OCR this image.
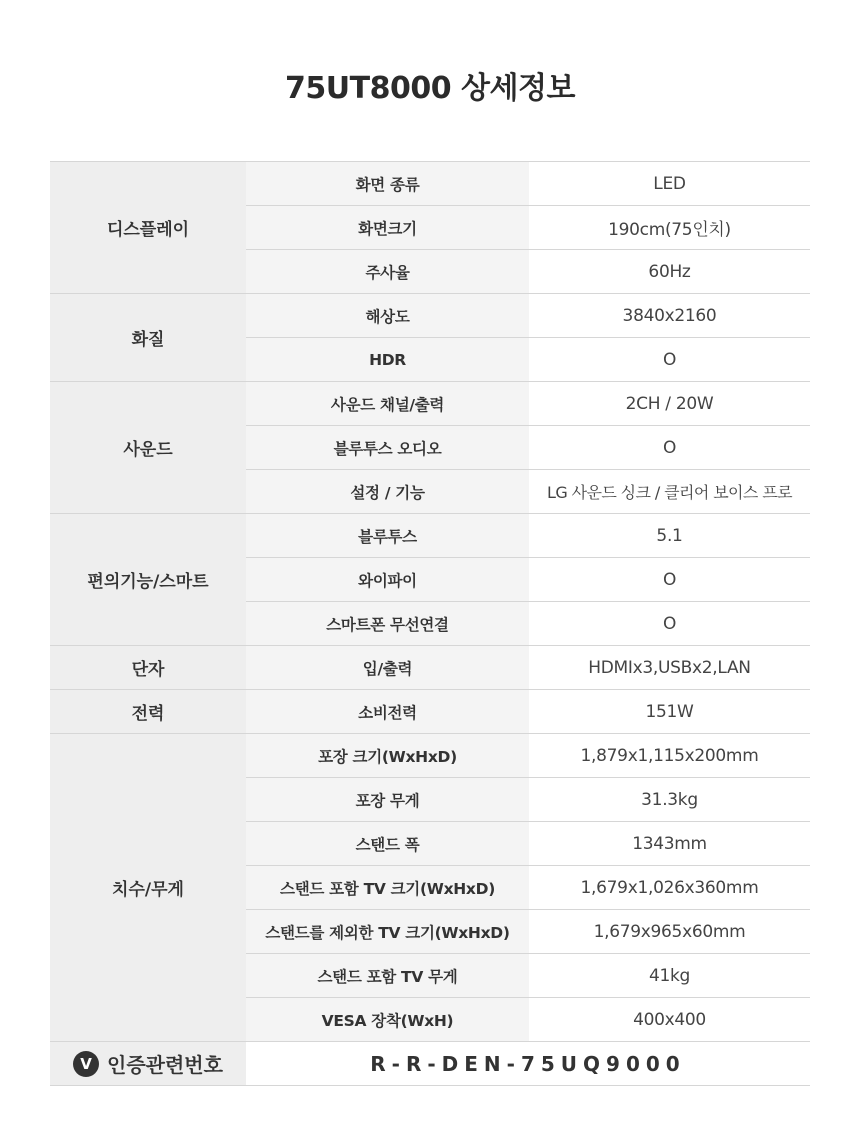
75UT8000 상세정보
디스플레이	화면 종류	LED
	화면크기	190cm(75인치)
	주사율	60Hz
화질	해상도	3840x2160
	HDR	O
사운드	사운드 채널/출력	2CH / 20W
	블루투스 오디오	O
	설정 / 기능	LG 사운드 싱크 / 클리어 보이스 프로
편의기능/스마트	블루투스	5.1
	와이파이	O
	스마트폰 무선연결	O
단자	입/출력	HDMIx3,USBx2,LAN
전력	소비전력	151W
치수/무게	포장 크기(WxHxD)	1,879x1,115x200mm
	포장 무게	31.3kg
	스탠드 폭	1343mm
	스탠드 포함 TV 크기(WxHxD)	1,679x1,026x360mm
	스탠드를 제외한 TV 크기(WxHxD)	1,679x965x60mm
	스탠드 포함 TV 무게	41kg
	VESA 장착(WxH)	400x400
V 인증관련번호	R-R-DEN-75UQ9000	
